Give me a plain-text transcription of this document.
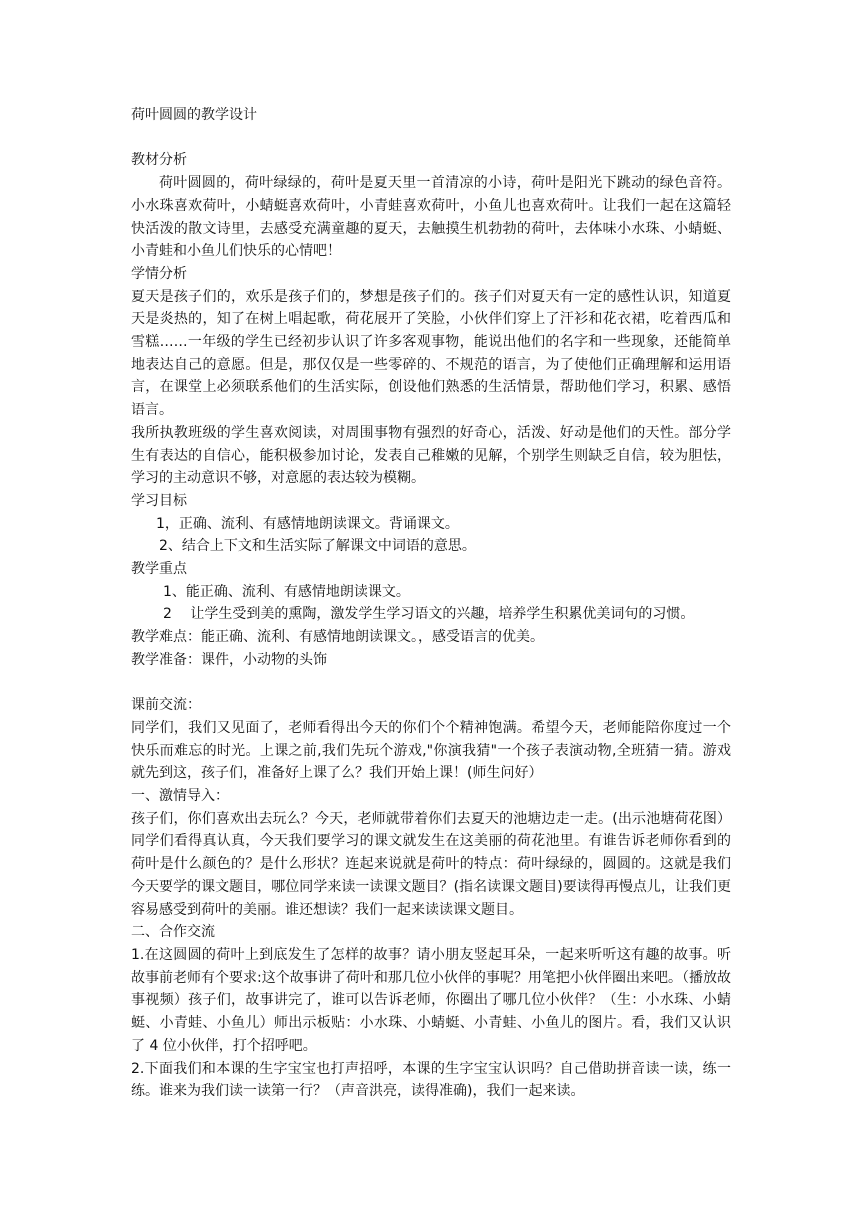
荷叶圆圆的教学设计

教材分析

荷叶圆圆的，荷叶绿绿的，荷叶是夏天里一首清凉的小诗，荷叶是阳光下跳动的绿色音符。小水珠喜欢荷叶，小蜻蜓喜欢荷叶，小青蛙喜欢荷叶，小鱼儿也喜欢荷叶。让我们一起在这篇轻快活泼的散文诗里，去感受充满童趣的夏天，去触摸生机勃勃的荷叶，去体味小水珠、小蜻蜓、小青蛙和小鱼儿们快乐的心情吧！

学情分析

夏天是孩子们的，欢乐是孩子们的，梦想是孩子们的。孩子们对夏天有一定的感性认识，知道夏天是炎热的，知了在树上唱起歌，荷花展开了笑脸，小伙伴们穿上了汗衫和花衣裙，吃着西瓜和雪糕……一年级的学生已经初步认识了许多客观事物，能说出他们的名字和一些现象，还能简单地表达自己的意愿。但是，那仅仅是一些零碎的、不规范的语言，为了使他们正确理解和运用语言，在课堂上必须联系他们的生活实际，创设他们熟悉的生活情景，帮助他们学习，积累、感悟语言。

我所执教班级的学生喜欢阅读，对周围事物有强烈的好奇心，活泼、好动是他们的天性。部分学生有表达的自信心，能积极参加讨论，发表自己稚嫩的见解，个别学生则缺乏自信，较为胆怯，学习的主动意识不够，对意愿的表达较为模糊。

学习目标

1，正确、流利、有感情地朗读课文。背诵课文。

2、结合上下文和生活实际了解课文中词语的意思。

教学重点

1、能正确、流利、有感情地朗读课文。

2　 让学生受到美的熏陶，激发学生学习语文的兴趣，培养学生积累优美词句的习惯。

教学难点：能正确、流利、有感情地朗读课文。，感受语言的优美。

教学准备：课件，小动物的头饰

课前交流：

同学们，我们又见面了，老师看得出今天的你们个个精神饱满。希望今天，老师能陪你度过一个快乐而难忘的时光。上课之前,我们先玩个游戏,"你演我猜"一个孩子表演动物,全班猜一猜。游戏就先到这，孩子们，准备好上课了么？我们开始上课！(师生问好）

一、激情导入：

孩子们，你们喜欢出去玩么？今天，老师就带着你们去夏天的池塘边走一走。(出示池塘荷花图）同学们看得真认真，今天我们要学习的课文就发生在这美丽的荷花池里。有谁告诉老师你看到的荷叶是什么颜色的？是什么形状？连起来说就是荷叶的特点：荷叶绿绿的，圆圆的。这就是我们今天要学的课文题目，哪位同学来读一读课文题目？(指名读课文题目)要读得再慢点儿，让我们更容易感受到荷叶的美丽。谁还想读？我们一起来读读课文题目。

二、合作交流

1.在这圆圆的荷叶上到底发生了怎样的故事？请小朋友竖起耳朵，一起来听听这有趣的故事。听故事前老师有个要求:这个故事讲了荷叶和那几位小伙伴的事呢？用笔把小伙伴圈出来吧。（播放故事视频）孩子们，故事讲完了，谁可以告诉老师，你圈出了哪几位小伙伴？（生：小水珠、小蜻蜓、小青蛙、小鱼儿）师出示板贴：小水珠、小蜻蜓、小青蛙、小鱼儿的图片。看，我们又认识了 4 位小伙伴，打个招呼吧。

2.下面我们和本课的生字宝宝也打声招呼，本课的生字宝宝认识吗？自己借助拼音读一读，练一练。谁来为我们读一读第一行？（声音洪亮，读得准确)，我们一起来读。
